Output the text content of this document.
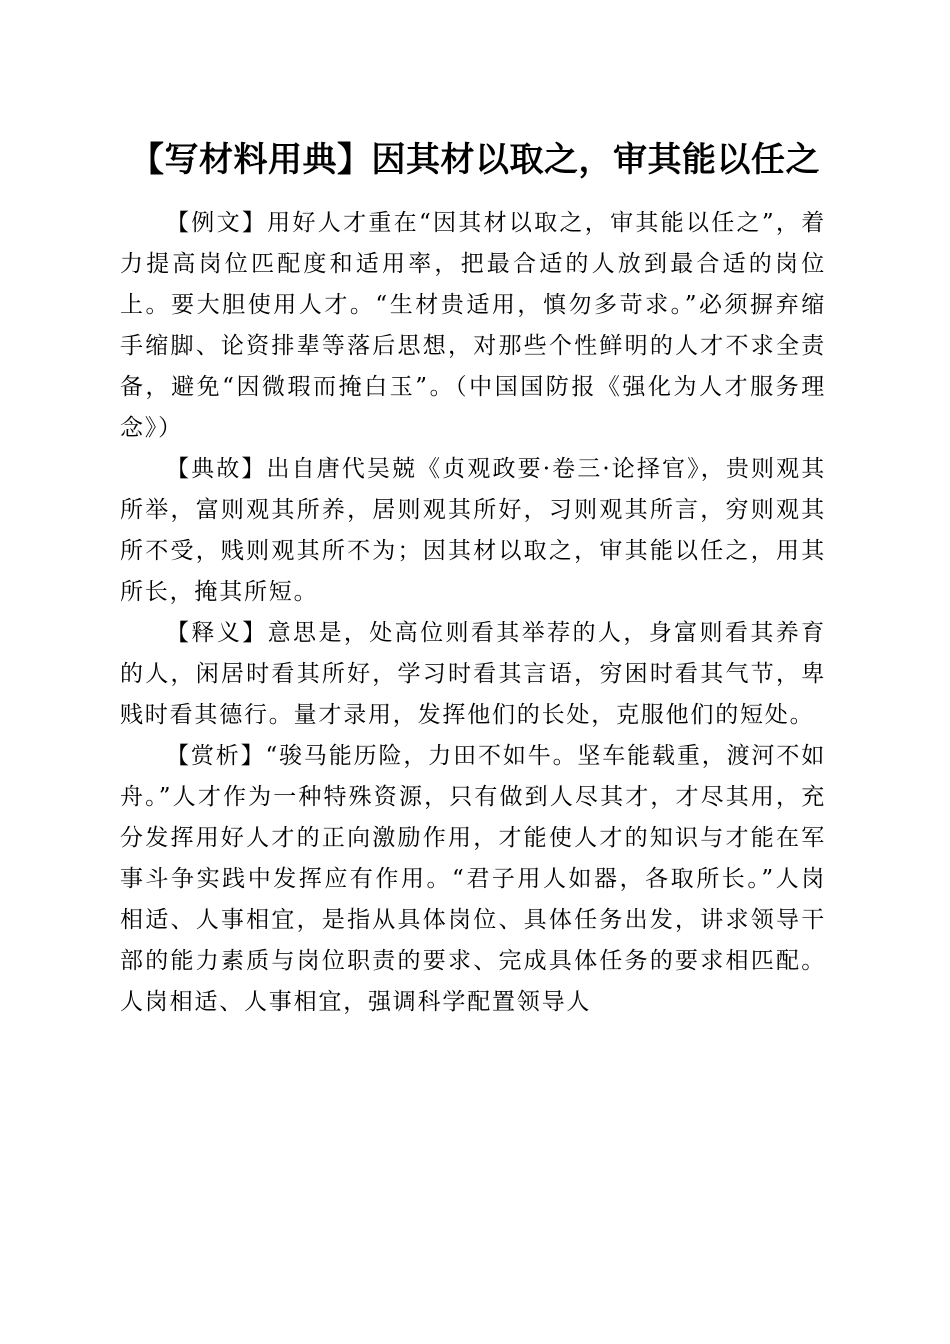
【写材料用典】因其材以取之，审其能以任之

【例文】用好人才重在“因其材以取之，审其能以任之”，着力提高岗位匹配度和适用率，把最合适的人放到最合适的岗位上。要大胆使用人才。“生材贵适用，慎勿多苛求。”必须摒弃缩手缩脚、论资排辈等落后思想，对那些个性鲜明的人才不求全责备，避免“因微瑕而掩白玉”。（中国国防报《强化为人才服务理念》）

【典故】出自唐代吴兢《贞观政要·卷三·论择官》，贵则观其所举，富则观其所养，居则观其所好，习则观其所言，穷则观其所不受，贱则观其所不为；因其材以取之，审其能以任之，用其所长，掩其所短。

【释义】意思是，处高位则看其举荐的人，身富则看其养育的人，闲居时看其所好，学习时看其言语，穷困时看其气节，卑贱时看其德行。量才录用，发挥他们的长处，克服他们的短处。

【赏析】“骏马能历险，力田不如牛。坚车能载重，渡河不如舟。”人才作为一种特殊资源，只有做到人尽其才，才尽其用，充分发挥用好人才的正向激励作用，才能使人才的知识与才能在军事斗争实践中发挥应有作用。“君子用人如器，各取所长。”人岗相适、人事相宜，是指从具体岗位、具体任务出发，讲求领导干部的能力素质与岗位职责的要求、完成具体任务的要求相匹配。人岗相适、人事相宜，强调科学配置领导人
